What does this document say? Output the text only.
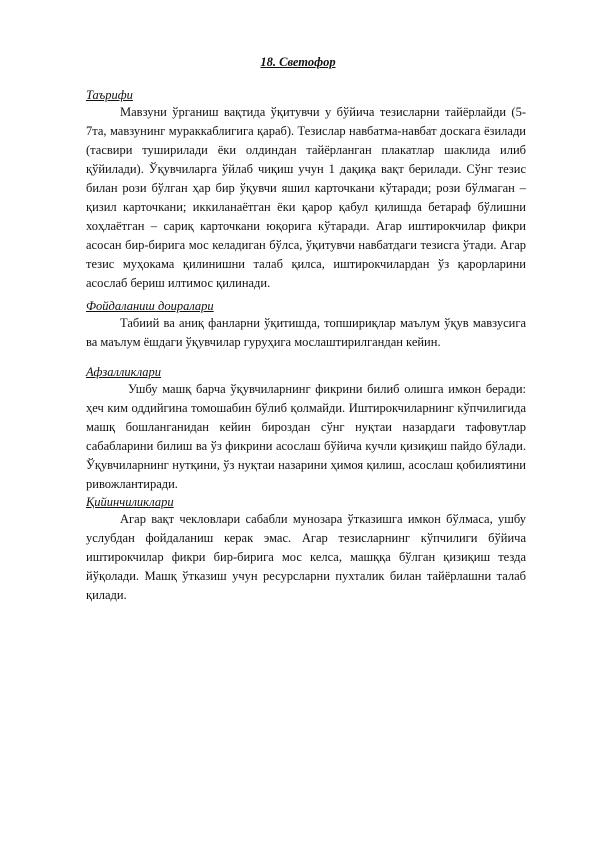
18. Светофор
Таърифи

Мавзуни ўрганиш вақтида ўқитувчи у бўйича тезисларни тайёрлайди (5-7та, мавзунинг мураккаблигига қараб). Тезислар навбатма-навбат доскага ёзилади (тасвири туширилади ёки олдиндан тайёрланган плакатлар шаклида илиб қўйилади). Ўқувчиларга ўйлаб чиқиш учун 1 дақиқа вақт берилади. Сўнг тезис билан рози бўлган ҳар бир ўқувчи яшил карточкани кўтаради; рози бўлмаган – қизил карточкани; иккиланаётган ёки қарор қабул қилишда бетараф бўлишни хоҳлаётган – сариқ карточкани юқорига кўтаради. Агар иштирокчилар фикри асосан бир-бирига мос келадиган бўлса, ўқитувчи навбатдаги тезисга ўтади. Агар тезис муҳокама қилинишни талаб қилса, иштирокчилардан ўз қарорларини асослаб бериш илтимос қилинади.

Фойдаланиш доиралари

Табиий ва аниқ фанларни ўқитишда, топшириқлар маълум ўқув мавзусига ва маълум ёшдаги ўқувчилар гуруҳига мослаштирилгандан кейин.

Афзалликлари

Ушбу машқ барча ўқувчиларнинг фикрини билиб олишга имкон беради: ҳеч ким оддийгина томошабин бўлиб қолмайди. Иштирокчиларнинг кўпчилигида машқ бошланганидан кейин бироздан сўнг нуқтаи назардаги тафовутлар сабабларини билиш ва ўз фикрини асослаш бўйича кучли қизиқиш пайдо бўлади. Ўқувчиларнинг нутқини, ўз нуқтаи назарини ҳимоя қилиш, асослаш қобилиятини ривожлантиради.

Қийинчиликлари

Агар вақт чекловлари сабабли мунозара ўтказишга имкон бўлмаса, ушбу услубдан фойдаланиш керак эмас. Агар тезисларнинг кўпчилиги бўйича иштирокчилар фикри бир-бирига мос келса, машққа бўлган қизиқиш тезда йўқолади. Машқ ўтказиш учун ресурсларни пухталик билан тайёрлашни талаб қилади.
